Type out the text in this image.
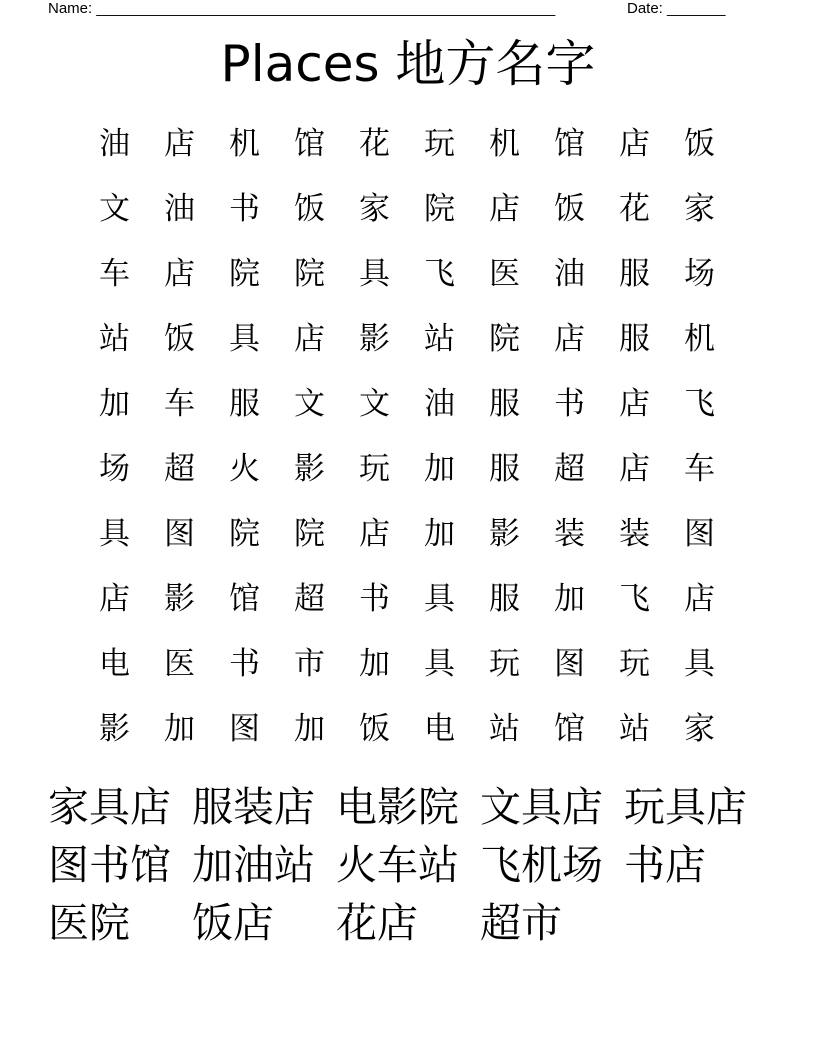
Name: _______________________________________________________	Date: _______
Places 地方名字
油	店	机	馆	花	玩	机	馆	店	饭
文	油	书	饭	家	院	店	饭	花	家
车	店	院	院	具	飞	医	油	服	场
站	饭	具	店	影	站	院	店	服	机
加	车	服	文	文	油	服	书	店	飞
场	超	火	影	玩	加	服	超	店	车
具	图	院	院	店	加	影	装	装	图
店	影	馆	超	书	具	服	加	飞	店
电	医	书	市	加	具	玩	图	玩	具
影	加	图	加	饭	电	站	馆	站	家
家具店 服装店 电影院 文具店 玩具店
图书馆 加油站 火车站 飞机场 书店
医院	饭店	花店	超市
